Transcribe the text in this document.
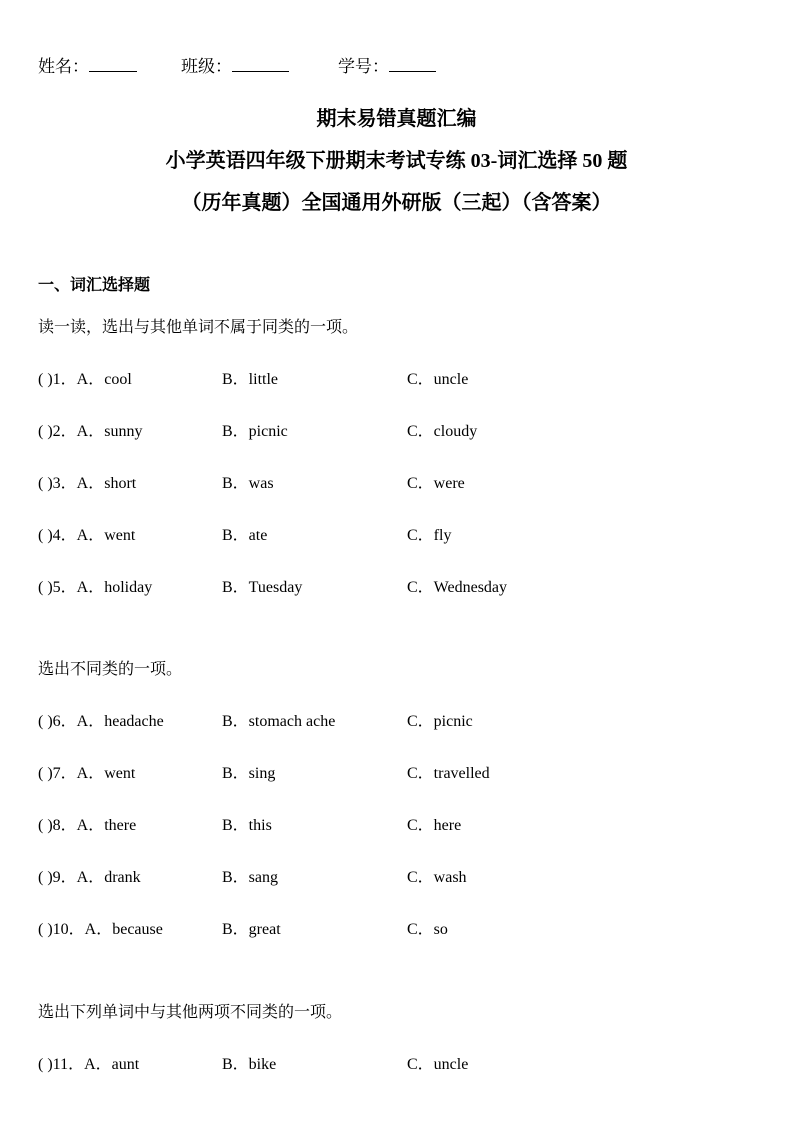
姓名：	班级：	学号：
期末易错真题汇编
小学英语四年级下册期末考试专练 03-词汇选择 50 题
（历年真题）全国通用外研版（三起）（含答案）
一、词汇选择题
读一读，选出与其他单词不属于同类的一项。
( )1．A．cool	B．little	C．uncle
( )2．A．sunny	B．picnic	C．cloudy
( )3．A．short	B．was	C．were
( )4．A．went	B．ate	C．fly
( )5．A．holiday	B．Tuesday	C．Wednesday
选出不同类的一项。
( )6．A．headache	B．stomach ache	C．picnic
( )7．A．went	B．sing	C．travelled
( )8．A．there	B．this	C．here
( )9．A．drank	B．sang	C．wash
( )10．A．because	B．great	C．so
选出下列单词中与其他两项不同类的一项。
( )11．A．aunt	B．bike	C．uncle
